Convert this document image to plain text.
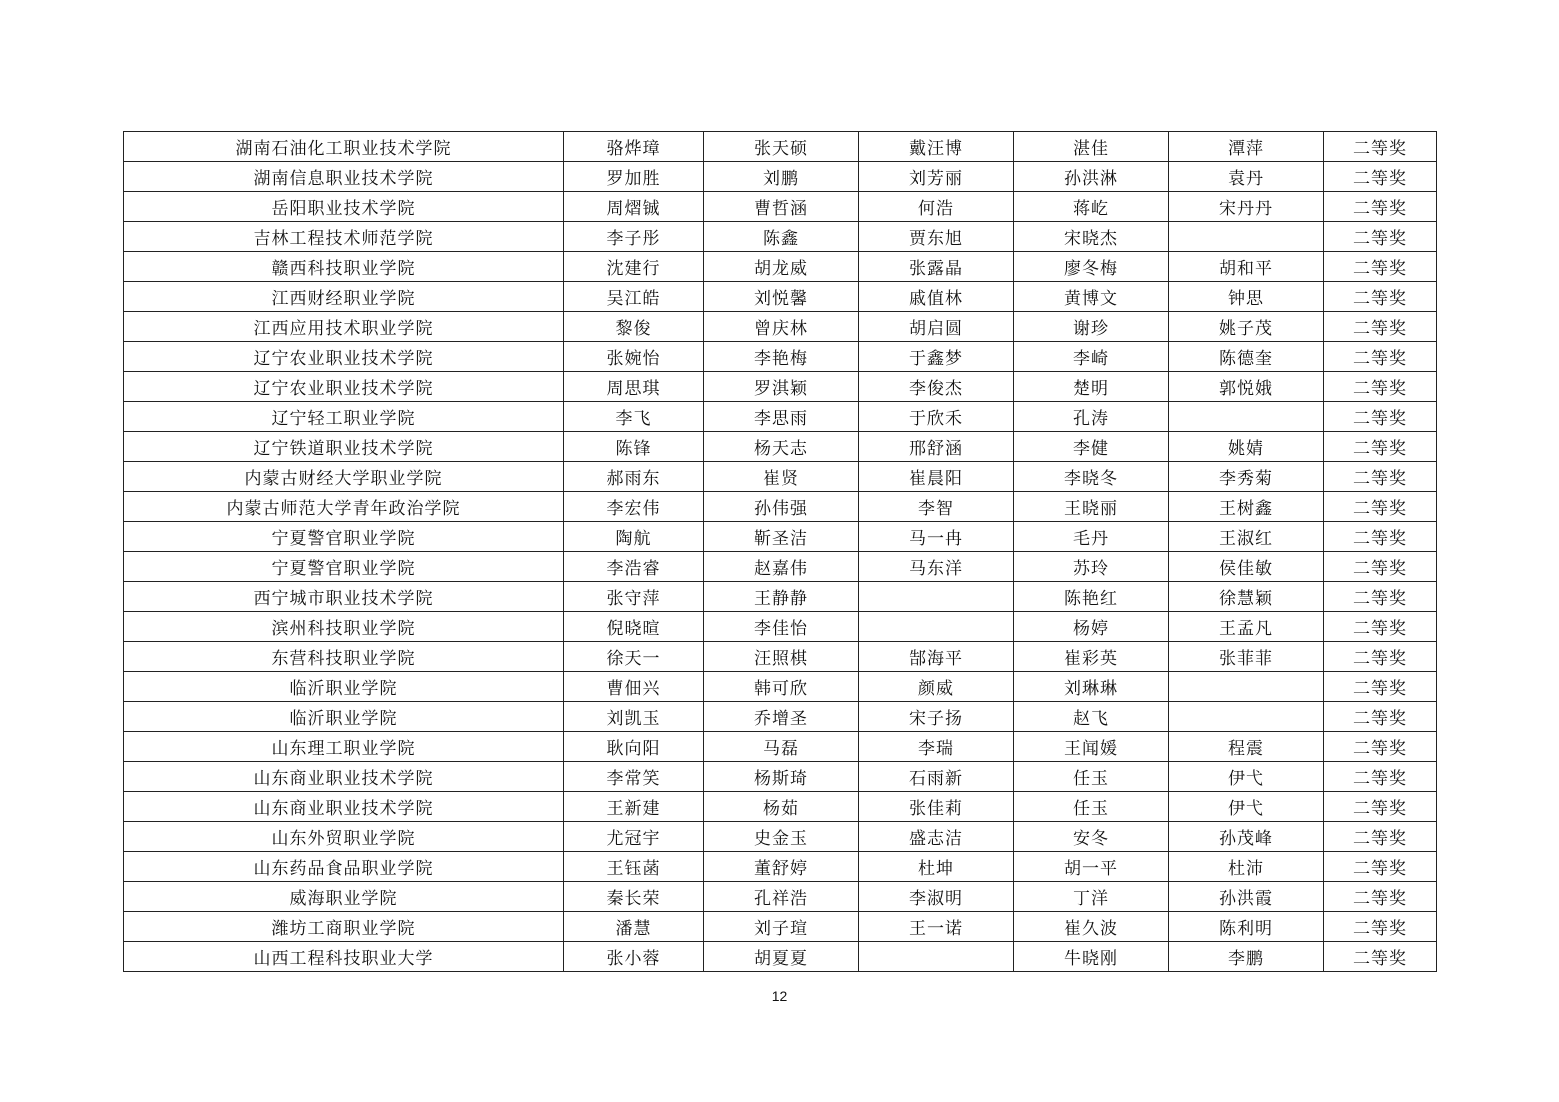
湖南石油化工职业技术学院	骆烨璋	张天硕	戴汪博	湛佳	潭萍	二等奖
湖南信息职业技术学院	罗加胜	刘鹏	刘芳丽	孙洪淋	袁丹	二等奖
岳阳职业技术学院	周熠铖	曹哲涵	何浩	蒋屹	宋丹丹	二等奖
吉林工程技术师范学院	李子彤	陈鑫	贾东旭	宋晓杰		二等奖
赣西科技职业学院	沈建行	胡龙威	张露晶	廖冬梅	胡和平	二等奖
江西财经职业学院	吴江皓	刘悦馨	戚值林	黄博文	钟思	二等奖
江西应用技术职业学院	黎俊	曾庆林	胡启圆	谢珍	姚子茂	二等奖
辽宁农业职业技术学院	张婉怡	李艳梅	于鑫梦	李崎	陈德奎	二等奖
辽宁农业职业技术学院	周思琪	罗淇颖	李俊杰	楚明	郭悦娥	二等奖
辽宁轻工职业学院	李飞	李思雨	于欣禾	孔涛		二等奖
辽宁铁道职业技术学院	陈锋	杨天志	邢舒涵	李健	姚婧	二等奖
内蒙古财经大学职业学院	郝雨东	崔贤	崔晨阳	李晓冬	李秀菊	二等奖
内蒙古师范大学青年政治学院	李宏伟	孙伟强	李智	王晓丽	王树鑫	二等奖
宁夏警官职业学院	陶航	靳圣洁	马一冉	毛丹	王淑红	二等奖
宁夏警官职业学院	李浩睿	赵嘉伟	马东洋	苏玲	侯佳敏	二等奖
西宁城市职业技术学院	张守萍	王静静		陈艳红	徐慧颖	二等奖
滨州科技职业学院	倪晓暄	李佳怡		杨婷	王孟凡	二等奖
东营科技职业学院	徐天一	汪照棋	郜海平	崔彩英	张菲菲	二等奖
临沂职业学院	曹佃兴	韩可欣	颜威	刘琳琳		二等奖
临沂职业学院	刘凯玉	乔增圣	宋子扬	赵飞		二等奖
山东理工职业学院	耿向阳	马磊	李瑞	王闻媛	程震	二等奖
山东商业职业技术学院	李常笑	杨斯琦	石雨新	任玉	伊弋	二等奖
山东商业职业技术学院	王新建	杨茹	张佳莉	任玉	伊弋	二等奖
山东外贸职业学院	尤冠宇	史金玉	盛志洁	安冬	孙茂峰	二等奖
山东药品食品职业学院	王钰菡	董舒婷	杜坤	胡一平	杜沛	二等奖
威海职业学院	秦长荣	孔祥浩	李淑明	丁洋	孙洪霞	二等奖
潍坊工商职业学院	潘慧	刘子瑄	王一诺	崔久波	陈利明	二等奖
山西工程科技职业大学	张小蓉	胡夏夏		牛晓刚	李鹏	二等奖
12
